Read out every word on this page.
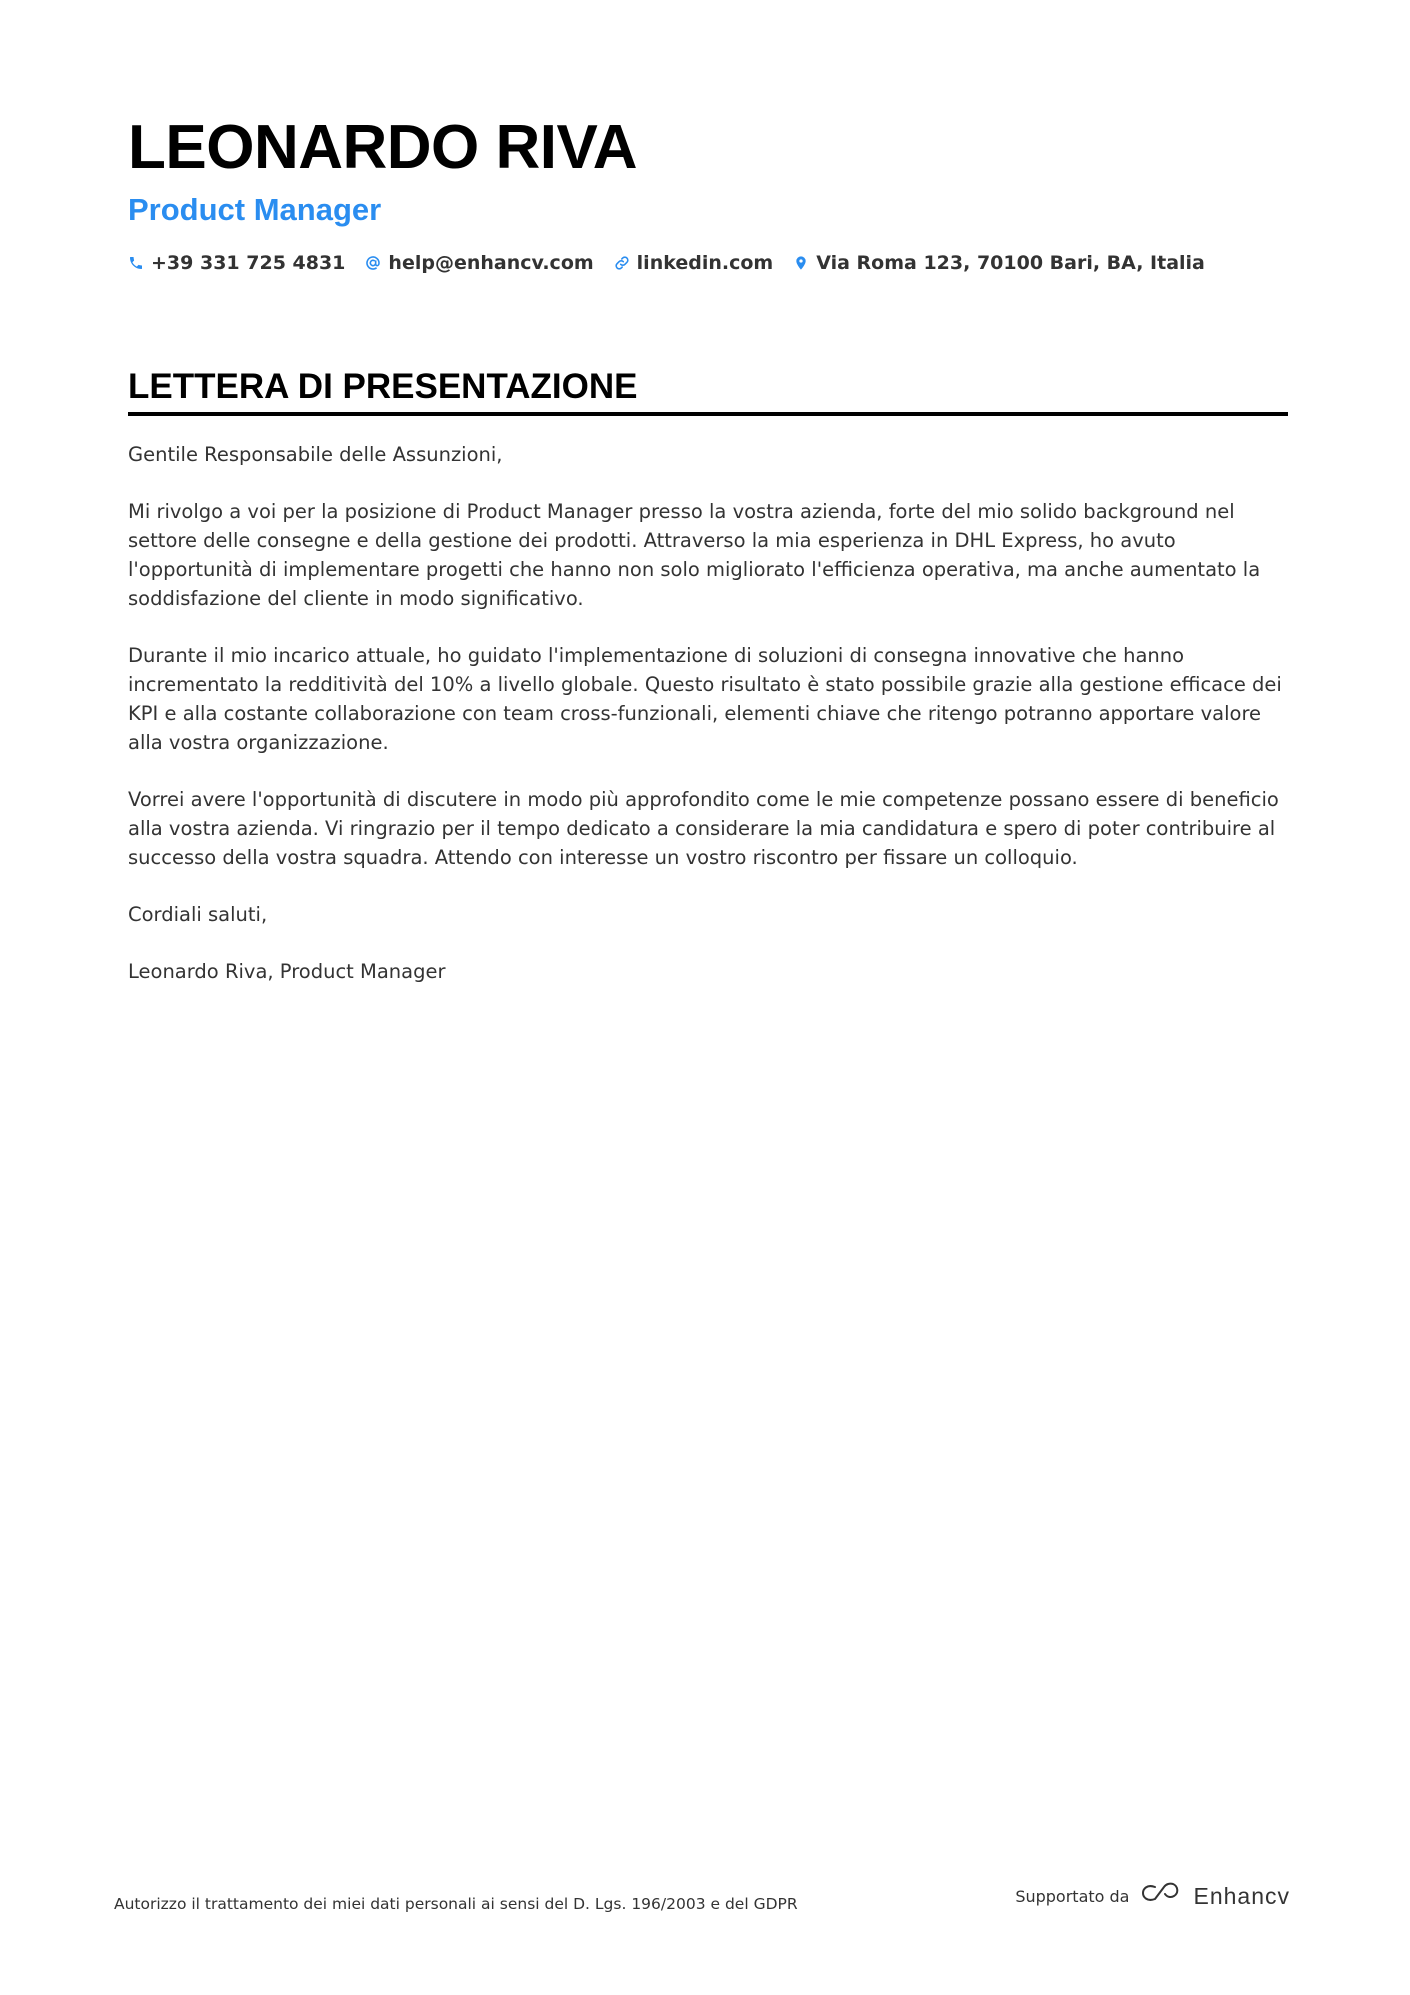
LEONARDO RIVA
Product Manager
+39 331 725 4831 help@enhancv.com linkedin.com Via Roma 123, 70100 Bari, BA, Italia
LETTERA DI PRESENTAZIONE

Gentile Responsabile delle Assunzioni,

Mi rivolgo a voi per la posizione di Product Manager presso la vostra azienda, forte del mio solido background nel settore delle consegne e della gestione dei prodotti. Attraverso la mia esperienza in DHL Express, ho avuto l'opportunità di implementare progetti che hanno non solo migliorato l'efficienza operativa, ma anche aumentato la soddisfazione del cliente in modo significativo.

Durante il mio incarico attuale, ho guidato l'implementazione di soluzioni di consegna innovative che hanno incrementato la redditività del 10% a livello globale. Questo risultato è stato possibile grazie alla gestione efficace dei KPI e alla costante collaborazione con team cross-funzionali, elementi chiave che ritengo potranno apportare valore alla vostra organizzazione.

Vorrei avere l'opportunità di discutere in modo più approfondito come le mie competenze possano essere di beneficio alla vostra azienda. Vi ringrazio per il tempo dedicato a considerare la mia candidatura e spero di poter contribuire al successo della vostra squadra. Attendo con interesse un vostro riscontro per fissare un colloquio.

Cordiali saluti,

Leonardo Riva, Product Manager

Autorizzo il trattamento dei miei dati personali ai sensi del D. Lgs. 196/2003 e del GDPR	Supportato da	Enhancv
